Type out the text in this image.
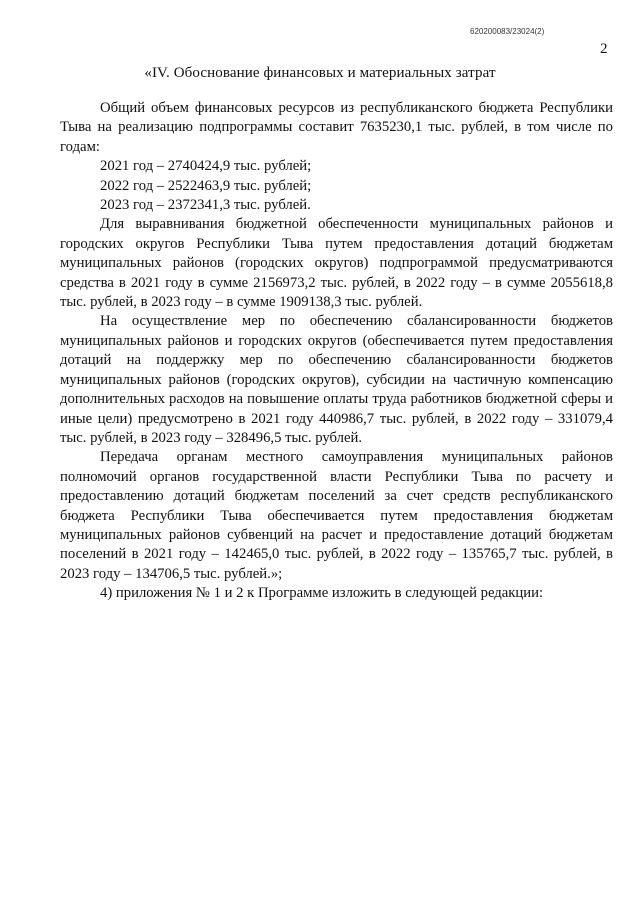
620200083/23024(2)
2
«IV. Обоснование финансовых и материальных затрат

Общий объем финансовых ресурсов из республиканского бюджета Республики Тыва на реализацию подпрограммы составит 7635230,1 тыс. рублей, в том числе по годам:

2021 год – 2740424,9 тыс. рублей;

2022 год – 2522463,9 тыс. рублей;

2023 год – 2372341,3 тыс. рублей.

Для выравнивания бюджетной обеспеченности муниципальных районов и городских округов Республики Тыва путем предоставления дотаций бюджетам муниципальных районов (городских округов) подпрограммой предусматриваются средства в 2021 году в сумме 2156973,2 тыс. рублей, в 2022 году – в сумме 2055618,8 тыс. рублей, в 2023 году – в сумме 1909138,3 тыс. рублей.

На осуществление мер по обеспечению сбалансированности бюджетов муниципальных районов и городских округов (обеспечивается путем предоставления дотаций на поддержку мер по обеспечению сбалансированности бюджетов муниципальных районов (городских округов), субсидии на частичную компенсацию дополнительных расходов на повышение оплаты труда работников бюджетной сферы и иные цели) предусмотрено в 2021 году 440986,7 тыс. рублей, в 2022 году – 331079,4 тыс. рублей, в 2023 году – 328496,5 тыс. рублей.

Передача органам местного самоуправления муниципальных районов полномочий органов государственной власти Республики Тыва по расчету и предоставлению дотаций бюджетам поселений за счет средств республиканского бюджета Республики Тыва обеспечивается путем предоставления бюджетам муниципальных районов субвенций на расчет и предоставление дотаций бюджетам поселений в 2021 году – 142465,0 тыс. рублей, в 2022 году – 135765,7 тыс. рублей, в 2023 году – 134706,5 тыс. рублей.»;

4) приложения № 1 и 2 к Программе изложить в следующей редакции:
